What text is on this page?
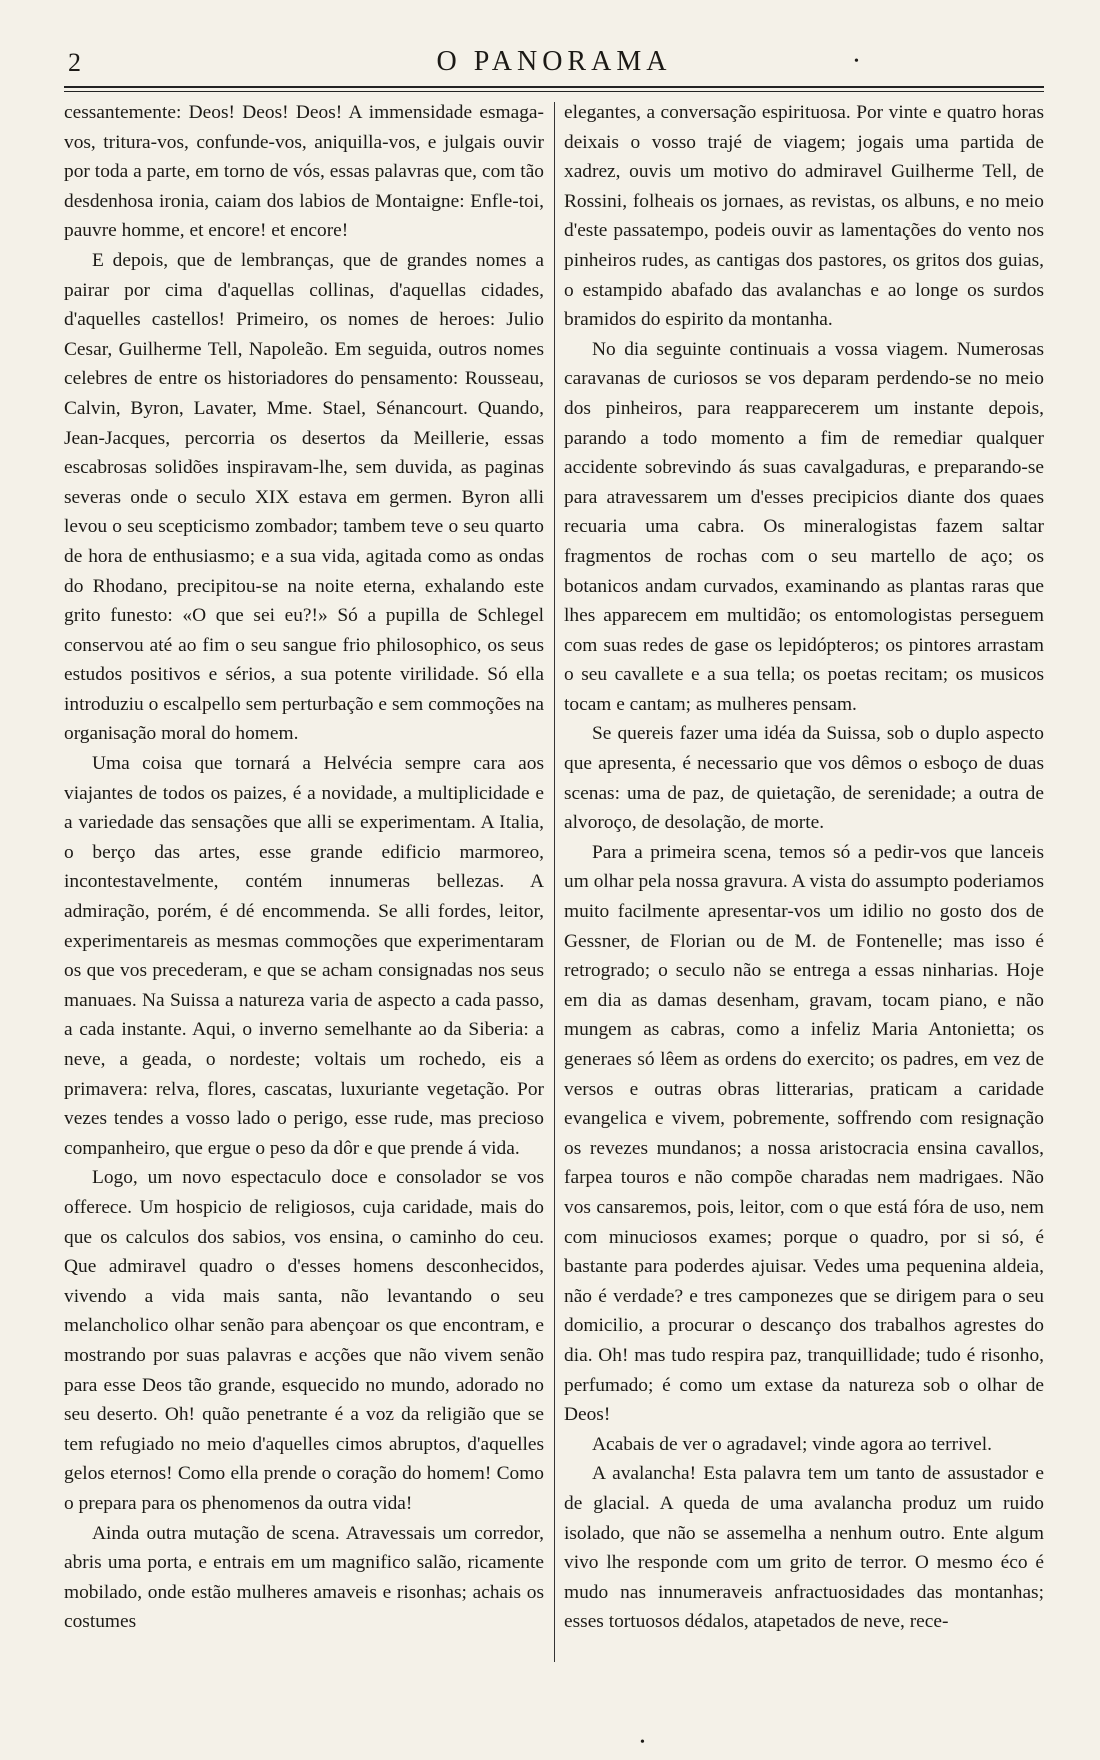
2	O PANORAMA	•

cessantemente: Deos! Deos! Deos! A immensidade esmaga-vos, tritura-vos, confunde-vos, aniquilla-vos, e julgais ouvir por toda a parte, em torno de vós, essas palavras que, com tão desdenhosa ironia, caiam dos labios de Montaigne: Enfle-toi, pauvre homme, et encore! et encore!

E depois, que de lembranças, que de grandes nomes a pairar por cima d'aquellas collinas, d'aquellas cidades, d'aquelles castellos! Primeiro, os nomes de heroes: Julio Cesar, Guilherme Tell, Napoleão. Em seguida, outros nomes celebres de entre os historiadores do pensamento: Rousseau, Calvin, Byron, Lavater, Mme. Stael, Sénancourt. Quando, Jean-Jacques, percorria os desertos da Meillerie, essas escabrosas solidões inspiravam-lhe, sem duvida, as paginas severas onde o seculo XIX estava em germen. Byron alli levou o seu scepticismo zombador; tambem teve o seu quarto de hora de enthusiasmo; e a sua vida, agitada como as ondas do Rhodano, precipitou-se na noite eterna, exhalando este grito funesto: «O que sei eu?!» Só a pupilla de Schlegel conservou até ao fim o seu sangue frio philosophico, os seus estudos positivos e sérios, a sua potente virilidade. Só ella introduziu o escalpello sem perturbação e sem commoções na organisação moral do homem.

Uma coisa que tornará a Helvécia sempre cara aos viajantes de todos os paizes, é a novidade, a multiplicidade e a variedade das sensações que alli se experimentam. A Italia, o berço das artes, esse grande edificio marmoreo, incontestavelmente, contém innumeras bellezas. A admiração, porém, é dé encommenda. Se alli fordes, leitor, experimentareis as mesmas commoções que experimentaram os que vos precederam, e que se acham consignadas nos seus manuaes. Na Suissa a natureza varia de aspecto a cada passo, a cada instante. Aqui, o inverno semelhante ao da Siberia: a neve, a geada, o nordeste; voltais um rochedo, eis a primavera: relva, flores, cascatas, luxuriante vegetação. Por vezes tendes a vosso lado o perigo, esse rude, mas precioso companheiro, que ergue o peso da dôr e que prende á vida.

Logo, um novo espectaculo doce e consolador se vos offerece. Um hospicio de religiosos, cuja caridade, mais do que os calculos dos sabios, vos ensina, o caminho do ceu. Que admiravel quadro o d'esses homens desconhecidos, vivendo a vida mais santa, não levantando o seu melancholico olhar senão para abençoar os que encontram, e mostrando por suas palavras e acções que não vivem senão para esse Deos tão grande, esquecido no mundo, adorado no seu deserto. Oh! quão penetrante é a voz da religião que se tem refugiado no meio d'aquelles cimos abruptos, d'aquelles gelos eternos! Como ella prende o coração do homem! Como o prepara para os phenomenos da outra vida!

Ainda outra mutação de scena. Atravessais um corredor, abris uma porta, e entrais em um magnifico salão, ricamente mobilado, onde estão mulheres amaveis e risonhas; achais os costumes

elegantes, a conversação espirituosa. Por vinte e quatro horas deixais o vosso trajé de viagem; jogais uma partida de xadrez, ouvis um motivo do admiravel Guilherme Tell, de Rossini, folheais os jornaes, as revistas, os albuns, e no meio d'este passatempo, podeis ouvir as lamentações do vento nos pinheiros rudes, as cantigas dos pastores, os gritos dos guias, o estampido abafado das avalanchas e ao longe os surdos bramidos do espirito da montanha.

No dia seguinte continuais a vossa viagem. Numerosas caravanas de curiosos se vos deparam perdendo-se no meio dos pinheiros, para reapparecerem um instante depois, parando a todo momento a fim de remediar qualquer accidente sobrevindo ás suas cavalgaduras, e preparando-se para atravessarem um d'esses precipicios diante dos quaes recuaria uma cabra. Os mineralogistas fazem saltar fragmentos de rochas com o seu martello de aço; os botanicos andam curvados, examinando as plantas raras que lhes apparecem em multidão; os entomologistas perseguem com suas redes de gase os lepidópteros; os pintores arrastam o seu cavallete e a sua tella; os poetas recitam; os musicos tocam e cantam; as mulheres pensam.

Se quereis fazer uma idéa da Suissa, sob o duplo aspecto que apresenta, é necessario que vos dêmos o esboço de duas scenas: uma de paz, de quietação, de serenidade; a outra de alvoroço, de desolação, de morte.

Para a primeira scena, temos só a pedir-vos que lanceis um olhar pela nossa gravura. A vista do assumpto poderiamos muito facilmente apresentar-vos um idilio no gosto dos de Gessner, de Florian ou de M. de Fontenelle; mas isso é retrogrado; o seculo não se entrega a essas ninharias. Hoje em dia as damas desenham, gravam, tocam piano, e não mungem as cabras, como a infeliz Maria Antonietta; os generaes só lêem as ordens do exercito; os padres, em vez de versos e outras obras litterarias, praticam a caridade evangelica e vivem, pobremente, soffrendo com resignação os revezes mundanos; a nossa aristocracia ensina cavallos, farpea touros e não compõe charadas nem madrigaes. Não vos cansaremos, pois, leitor, com o que está fóra de uso, nem com minuciosos exames; porque o quadro, por si só, é bastante para poderdes ajuisar. Vedes uma pequenina aldeia, não é verdade? e tres camponezes que se dirigem para o seu domicilio, a procurar o descanço dos trabalhos agrestes do dia. Oh! mas tudo respira paz, tranquillidade; tudo é risonho, perfumado; é como um extase da natureza sob o olhar de Deos!

Acabais de ver o agradavel; vinde agora ao terrivel.

A avalancha! Esta palavra tem um tanto de assustador e de glacial. A queda de uma avalancha produz um ruido isolado, que não se assemelha a nenhum outro. Ente algum vivo lhe responde com um grito de terror. O mesmo éco é mudo nas innumeraveis anfractuosidades das montanhas; esses tortuosos dédalos, atapetados de neve, rece-

•
